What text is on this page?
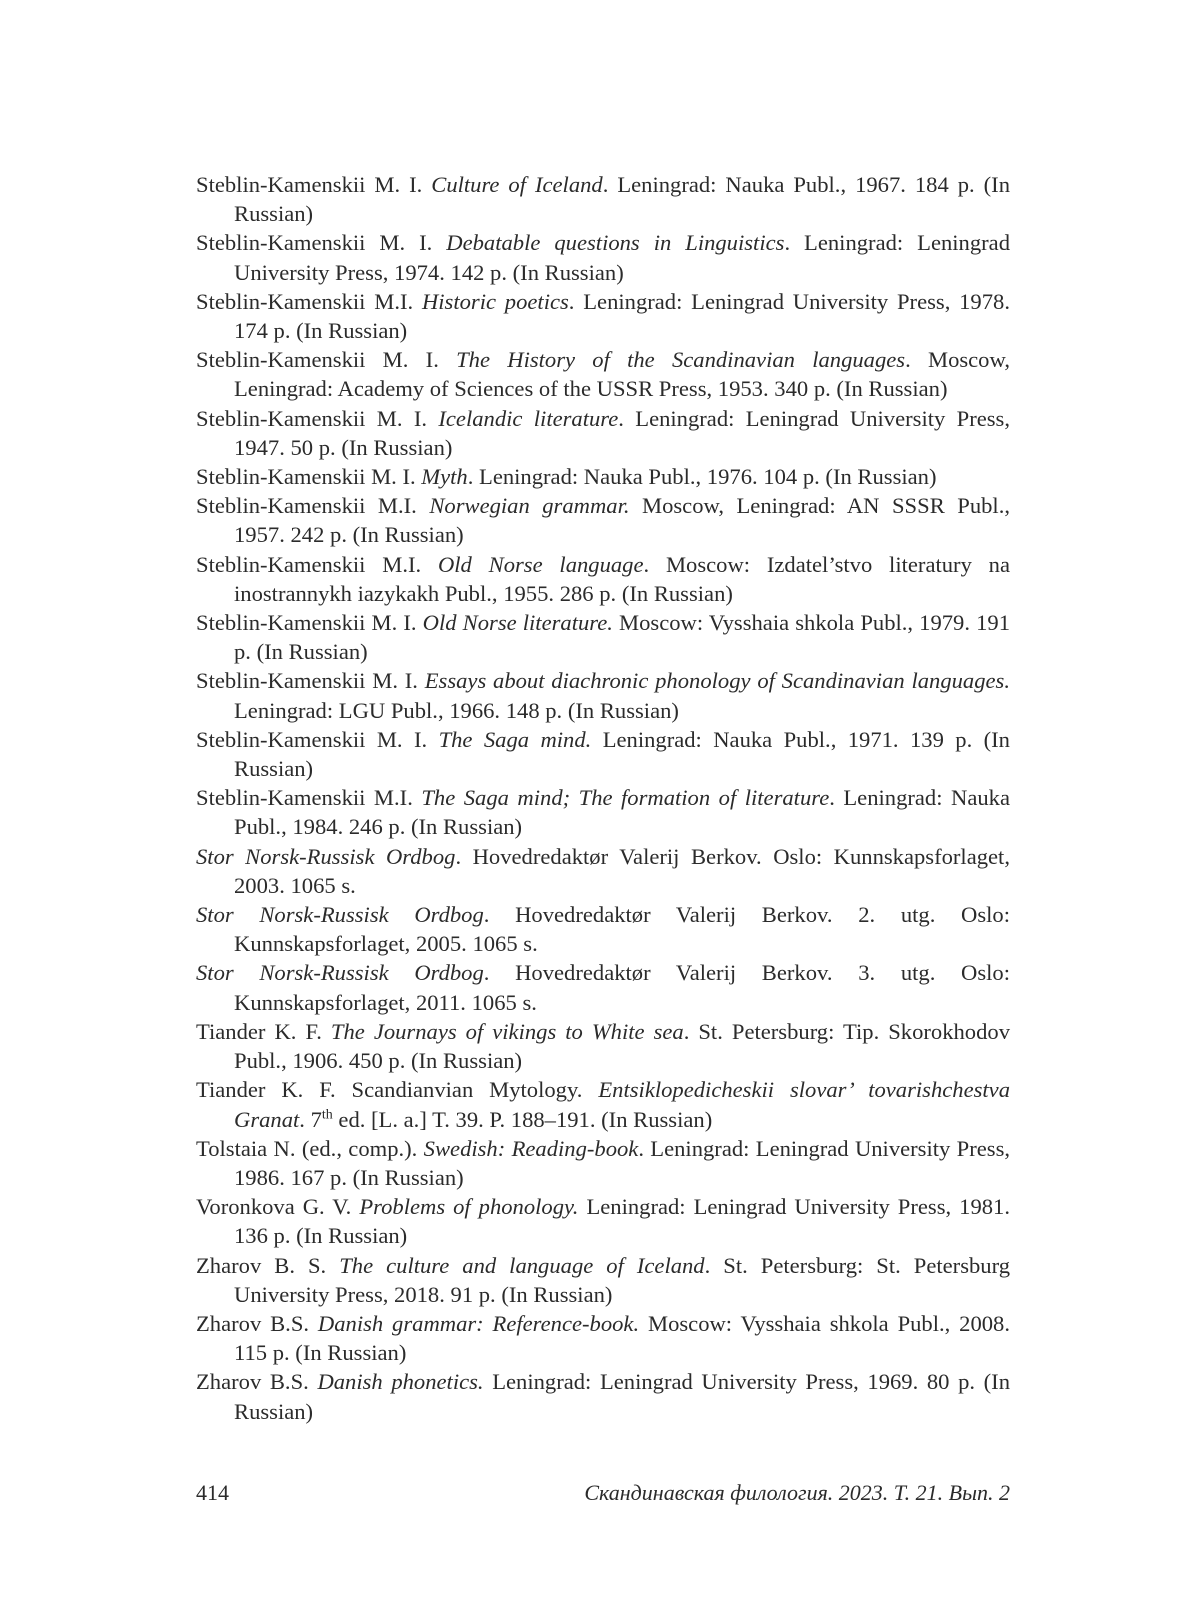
Steblin-Kamenskii M. I. Culture of Iceland. Leningrad: Nauka Publ., 1967. 184 p. (In Russian)

Steblin-Kamenskii M. I. Debatable questions in Linguistics. Leningrad: Leningrad University Press, 1974. 142 p. (In Russian)

Steblin-Kamenskii M.I. Historic poetics. Leningrad: Leningrad University Press, 1978. 174 p. (In Russian)

Steblin-Kamenskii M. I. The History of the Scandinavian languages. Moscow, Leningrad: Academy of Sciences of the USSR Press, 1953. 340 p. (In Russian)

Steblin-Kamenskii M. I. Icelandic literature. Leningrad: Leningrad University Press, 1947. 50 p. (In Russian)

Steblin-Kamenskii M. I. Myth. Leningrad: Nauka Publ., 1976. 104 p. (In Russian)

Steblin-Kamenskii M.I. Norwegian grammar. Moscow, Leningrad: AN SSSR Publ., 1957. 242 p. (In Russian)

Steblin-Kamenskii M.I. Old Norse language. Moscow: Izdatel’stvo literatury na inostrannykh iazykakh Publ., 1955. 286 p. (In Russian)

Steblin-Kamenskii M. I. Old Norse literature. Moscow: Vysshaia shkola Publ., 1979. 191 p. (In Russian)

Steblin-Kamenskii M. I. Essays about diachronic phonology of Scandinavian languages. Leningrad: LGU Publ., 1966. 148 p. (In Russian)

Steblin-Kamenskii M. I. The Saga mind. Leningrad: Nauka Publ., 1971. 139 p. (In Russian)

Steblin-Kamenskii M.I. The Saga mind; The formation of literature. Leningrad: Nauka Publ., 1984. 246 p. (In Russian)

Stor Norsk-Russisk Ordbog. Hovedredaktør Valerij Berkov. Oslo: Kunnskapsforlaget, 2003. 1065 s.

Stor Norsk-Russisk Ordbog. Hovedredaktør Valerij Berkov. 2. utg. Oslo: Kunnskapsforlaget, 2005. 1065 s.

Stor Norsk-Russisk Ordbog. Hovedredaktør Valerij Berkov. 3. utg. Oslo: Kunnskapsforlaget, 2011. 1065 s.

Tiander K. F. The Journays of vikings to White sea. St. Petersburg: Tip. Skorokhodov Publ., 1906. 450 p. (In Russian)

Tiander K. F. Scandianvian Mytology. Entsiklopedicheskii slovar’ tovarishchestva Granat. 7th ed. [L. a.] T. 39. P. 188–191. (In Russian)

Tolstaia N. (ed., comp.). Swedish: Reading-book. Leningrad: Leningrad University Press, 1986. 167 p. (In Russian)

Voronkova G. V. Problems of phonology. Leningrad: Leningrad University Press, 1981. 136 p. (In Russian)

Zharov B. S. The culture and language of Iceland. St. Petersburg: St. Petersburg University Press, 2018. 91 p. (In Russian)

Zharov B.S. Danish grammar: Reference-book. Moscow: Vysshaia shkola Publ., 2008. 115 p. (In Russian)

Zharov B.S. Danish phonetics. Leningrad: Leningrad University Press, 1969. 80 p. (In Russian)

414	Скандинавская филология. 2023. Т. 21. Вып. 2
